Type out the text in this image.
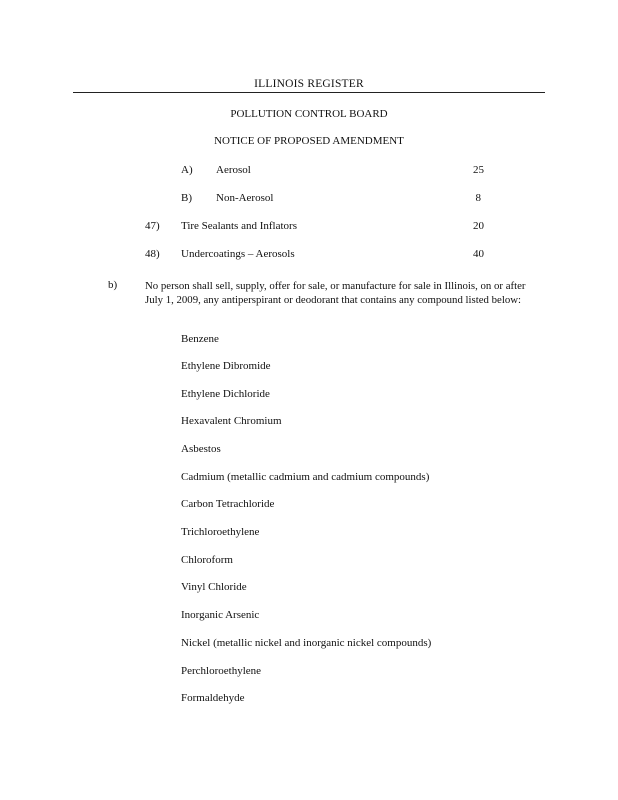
ILLINOIS REGISTER
POLLUTION CONTROL BOARD
NOTICE OF PROPOSED AMENDMENT
A) Aerosol	25
B) Non-Aerosol	8
47) Tire Sealants and Inflators	20
48) Undercoatings – Aerosols	40
b)	No person shall sell, supply, offer for sale, or manufacture for sale in Illinois, on or after July 1, 2009, any antiperspirant or deodorant that contains any compound listed below:
Benzene
Ethylene Dibromide
Ethylene Dichloride
Hexavalent Chromium
Asbestos
Cadmium (metallic cadmium and cadmium compounds)
Carbon Tetrachloride
Trichloroethylene
Chloroform
Vinyl Chloride
Inorganic Arsenic
Nickel (metallic nickel and inorganic nickel compounds)
Perchloroethylene
Formaldehyde
